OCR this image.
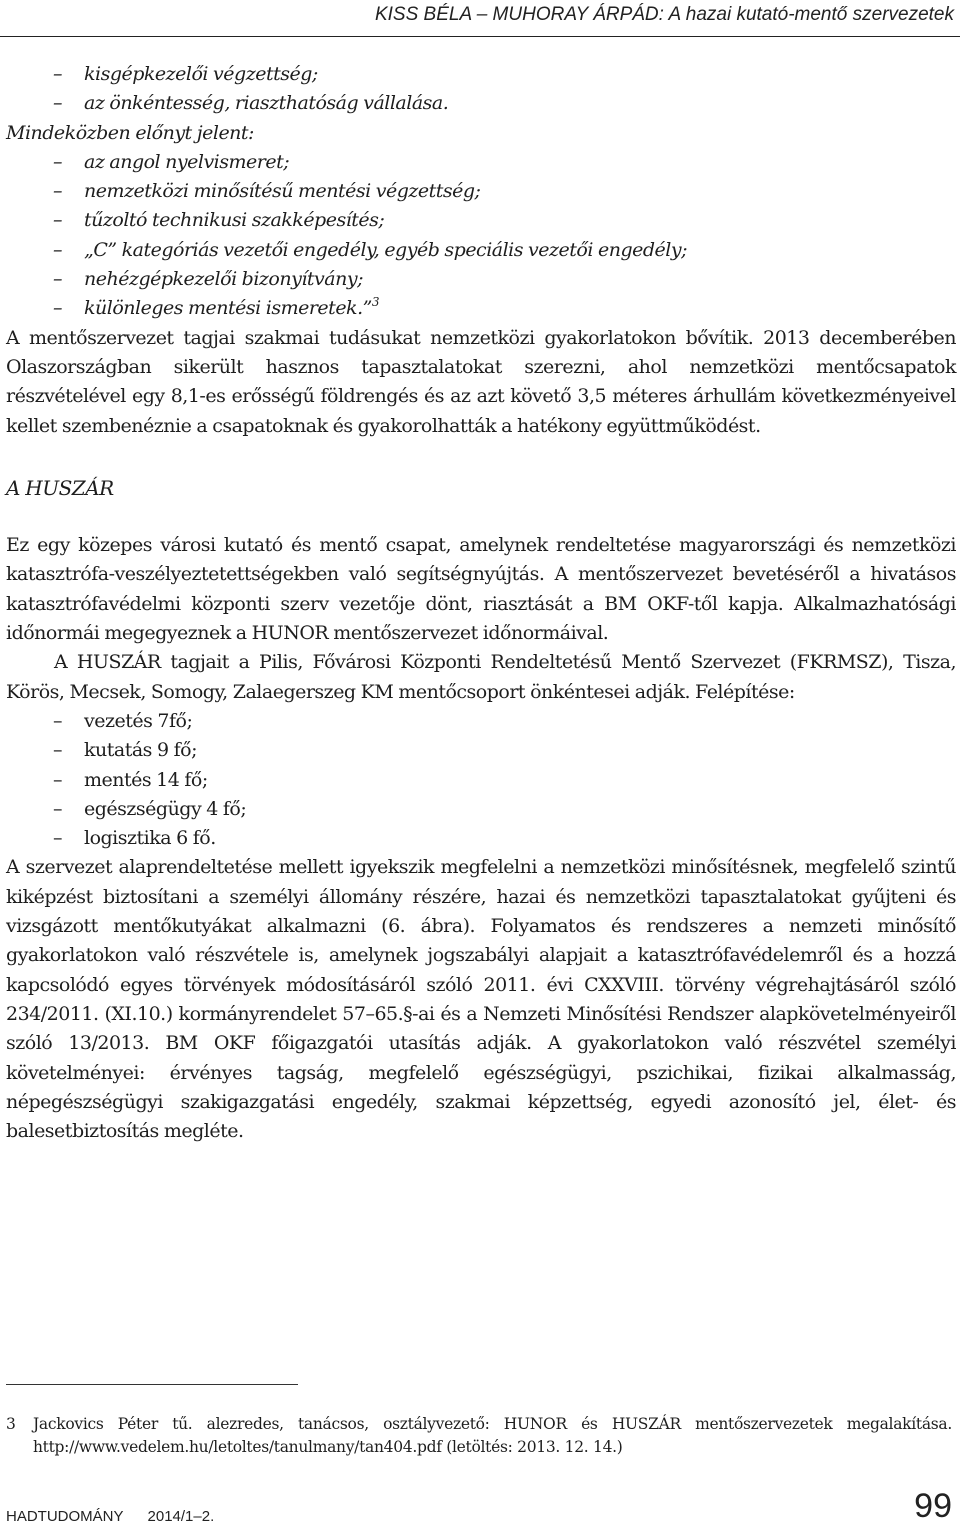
KISS BÉLA – MUHORAY ÁRPÁD: A hazai kutató-mentő szervezetek
– kisgépkezelői végzettség;
– az önkéntesség, riaszthatóság vállalása.
Mindeközben előnyt jelent:
– az angol nyelvismeret;
– nemzetközi minősítésű mentési végzettség;
– tűzoltó technikusi szakképesítés;
– „C” kategóriás vezetői engedély, egyéb speciális vezetői engedély;
– nehézgépkezelői bizonyítvány;
– különleges mentési ismeretek.”$^3$

A mentőszervezet tagjai szakmai tudásukat nemzetközi gyakorlatokon bővítik. 2013 decemberében Olaszországban sikerült hasznos tapasztalatokat szerezni, ahol nemzetközi mentőcsapatok részvételével egy 8,1-es erősségű földrengés és az azt követő 3,5 méteres árhullám következményeivel kellet szembenéznie a csapatoknak és gyakorolhatták a hatékony együttműködést.

A HUSZÁR

Ez egy közepes városi kutató és mentő csapat, amelynek rendeltetése magyarországi és nemzetközi katasztrófa-veszélyeztetettségekben való segítségnyújtás. A mentőszervezet bevetéséről a hivatásos katasztrófavédelmi központi szerv vezetője dönt, riasztását a BM OKF-től kapja. Alkalmazhatósági időnormái megegyeznek a HUNOR mentőszervezet időnormáival.

A HUSZÁR tagjait a Pilis, Fővárosi Központi Rendeltetésű Mentő Szervezet (FKRMSZ), Tisza, Körös, Mecsek, Somogy, Zalaegerszeg KM mentőcsoport önkéntesei adják. Felépítése:

– vezetés 7fő;
– kutatás 9 fő;
– mentés 14 fő;
– egészségügy 4 fő;
– logisztika 6 fő.

A szervezet alaprendeltetése mellett igyekszik megfelelni a nemzetközi minősítésnek, megfelelő szintű kiképzést biztosítani a személyi állomány részére, hazai és nemzetközi tapasztalatokat gyűjteni és vizsgázott mentőkutyákat alkalmazni (6. ábra). Folyamatos és rendszeres a nemzeti minősítő gyakorlatokon való részvétele is, amelynek jogszabályi alapjait a katasztrófavédelemről és a hozzá kapcsolódó egyes törvények módosításáról szóló 2011. évi CXXVIII. törvény végrehajtásáról szóló 234/2011. (XI.10.) kormányrendelet 57–65.§-ai és a Nemzeti Minősítési Rendszer alapkövetelményeiről szóló 13/2013. BM OKF főigazgatói utasítás adják. A gyakorlatokon való részvétel személyi követelményei: érvényes tagság, megfelelő egészségügyi, pszichikai, fizikai alkalmasság, népegészségügyi szakigazgatási engedély, szakmai képzettség, egyedi azonosító jel, élet- és balesetbiztosítás megléte.

3 Jackovics Péter tű. alezredes, tanácsos, osztályvezető: HUNOR és HUSZÁR mentőszervezetek megalakítása. http://www.vedelem.hu/letoltes/tanulmany/tan404.pdf (letöltés: 2013. 12. 14.)
HADTUDOMÁNY 2014/1–2.	99
